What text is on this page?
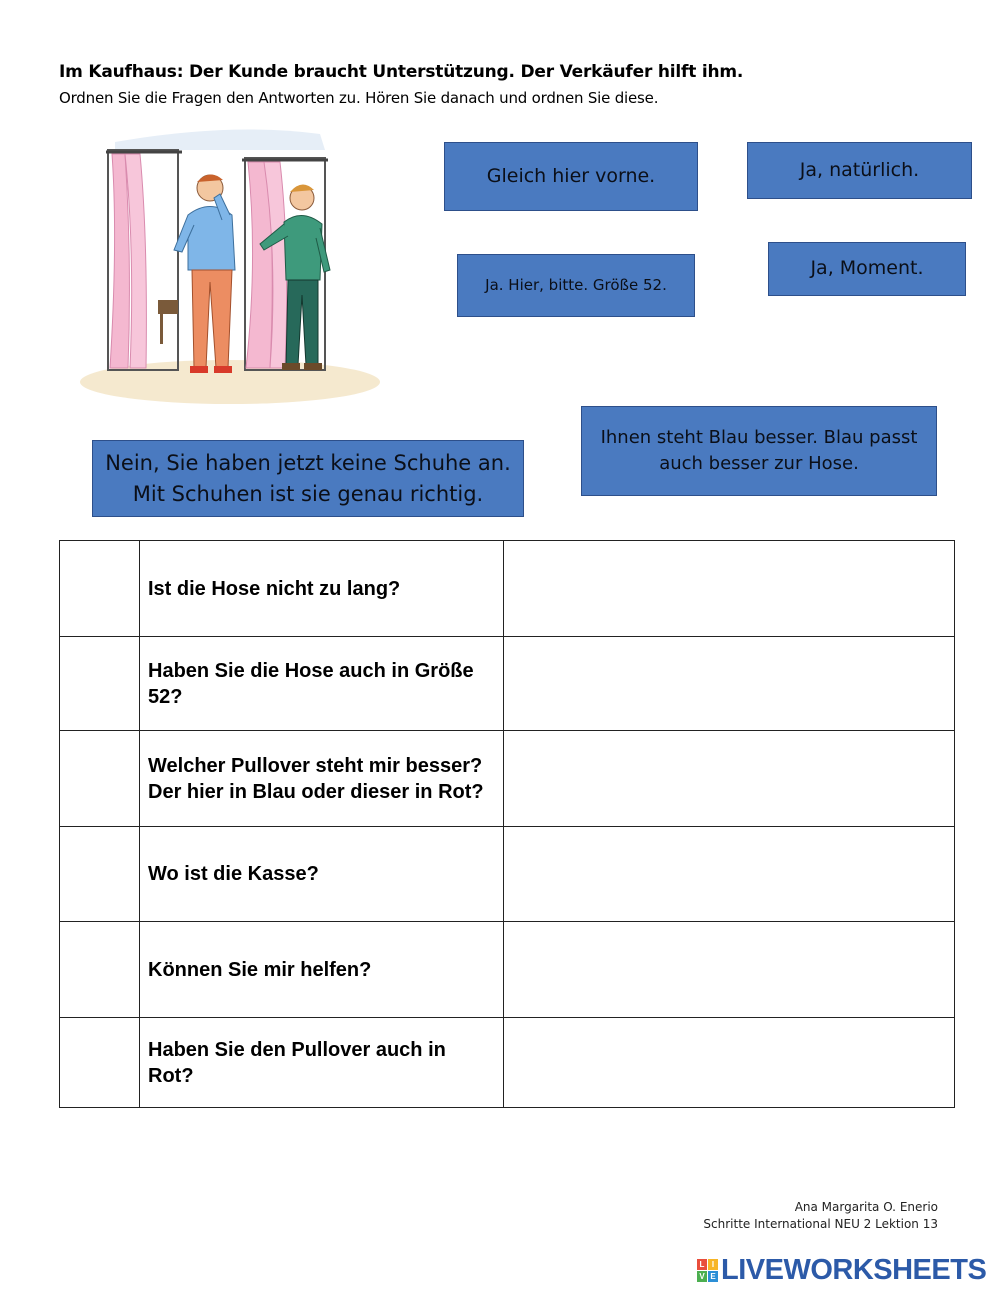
Im Kaufhaus: Der Kunde braucht Unterstützung. Der Verkäufer hilft ihm.
Ordnen Sie die Fragen den Antworten zu. Hören Sie danach und ordnen Sie diese.
Gleich hier vorne.	Ja, natürlich.
Ja. Hier, bitte. Größe 52.
Ja, Moment.
Ihnen steht Blau besser. Blau passt
auch besser zur Hose.
Nein, Sie haben jetzt keine Schuhe an.
Mit Schuhen ist sie genau richtig.
	Ist die Hose nicht zu lang?	

	Haben Sie die Hose auch in Größe 52?	

	Welcher Pullover steht mir besser? Der hier in Blau oder dieser in Rot?	

	Wo ist die Kasse?	

	Können Sie mir helfen?	

	Haben Sie den Pullover auch in Rot?	
Ana Margarita O. Enerio
Schritte International NEU 2 Lektion 13
L I
V E LIVEWORKSHEETS
